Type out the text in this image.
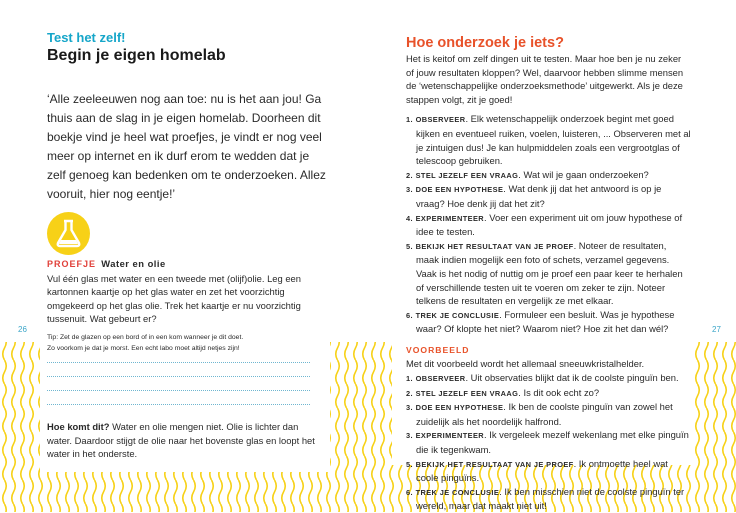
Test het zelf!
Begin je eigen homelab
‘Alle zeeleeuwen nog aan toe: nu is het aan jou! Ga thuis aan de slag in je eigen homelab. Doorheen dit boekje vind je heel wat proefjes, je vindt er nog veel meer op internet en ik durf erom te wedden dat je zelf genoeg kan bedenken om te onderzoeken. Allez vooruit, hier nog eentje!’
PROEFJE Water en olie
Vul één glas met water en een tweede met (olijf)olie. Leg een kartonnen kaartje op het glas water en zet het voorzichtig omgekeerd op het glas olie. Trek het kaartje er nu voorzichtig tussenuit. Wat gebeurt er?
Tip: Zet de glazen op een bord of in een kom wanneer je dit doet.
Zo voorkom je dat je morst. Een echt labo moet altijd netjes zijn!
Hoe komt dit? Water en olie mengen niet. Olie is lichter dan water. Daardoor stijgt de olie naar het bovenste glas en loopt het water in het onderste.
26
Hoe onderzoek je iets?
Het is keitof om zelf dingen uit te testen. Maar hoe ben je nu zeker of jouw resultaten kloppen? Wel, daarvoor hebben slimme mensen de ‘wetenschappelijke onderzoeksmethode’ uitgewerkt. Als je deze stappen volgt, zit je goed!
1. OBSERVEER. Elk wetenschappelijk onderzoek begint met goed kijken en eventueel ruiken, voelen, luisteren, ... Observeren met al je zintuigen dus! Je kan hulpmiddelen zoals een vergrootglas of telescoop gebruiken.
2. STEL JEZELF EEN VRAAG. Wat wil je gaan onderzoeken?
3. DOE EEN HYPOTHESE. Wat denk jij dat het antwoord is op je vraag? Hoe denk jij dat het zit?
4. EXPERIMENTEER. Voer een experiment uit om jouw hypothese of idee te testen.
5. BEKIJK HET RESULTAAT VAN JE PROEF. Noteer de resultaten, maak indien mogelijk een foto of schets, verzamel gegevens. Vaak is het nodig of nuttig om je proef een paar keer te herhalen of verschillende testen uit te voeren om zeker te zijn. Noteer telkens de resultaten en vergelijk ze met elkaar.
6. TREK JE CONCLUSIE. Formuleer een besluit. Was je hypothese waar? Of klopte het niet? Waarom niet? Hoe zit het dan wél?
VOORBEELD
Met dit voorbeeld wordt het allemaal sneeuwkristalhelder.
1. OBSERVEER. Uit observaties blijkt dat ik de coolste pinguïn ben.
2. STEL JEZELF EEN VRAAG. Is dit ook echt zo?
3. DOE EEN HYPOTHESE. Ik ben de coolste pinguïn van zowel het zuidelijk als het noordelijk halfrond.
3. EXPERIMENTEER. Ik vergeleek mezelf wekenlang met elke pinguïn die ik tegenkwam.
5. BEKIJK HET RESULTAAT VAN JE PROEF. Ik ontmoette heel wat coole pinguïns.
6. TREK JE CONCLUSIE. Ik ben misschien niet de coolste pinguïn ter wereld, maar dat maakt niet uit!
27
